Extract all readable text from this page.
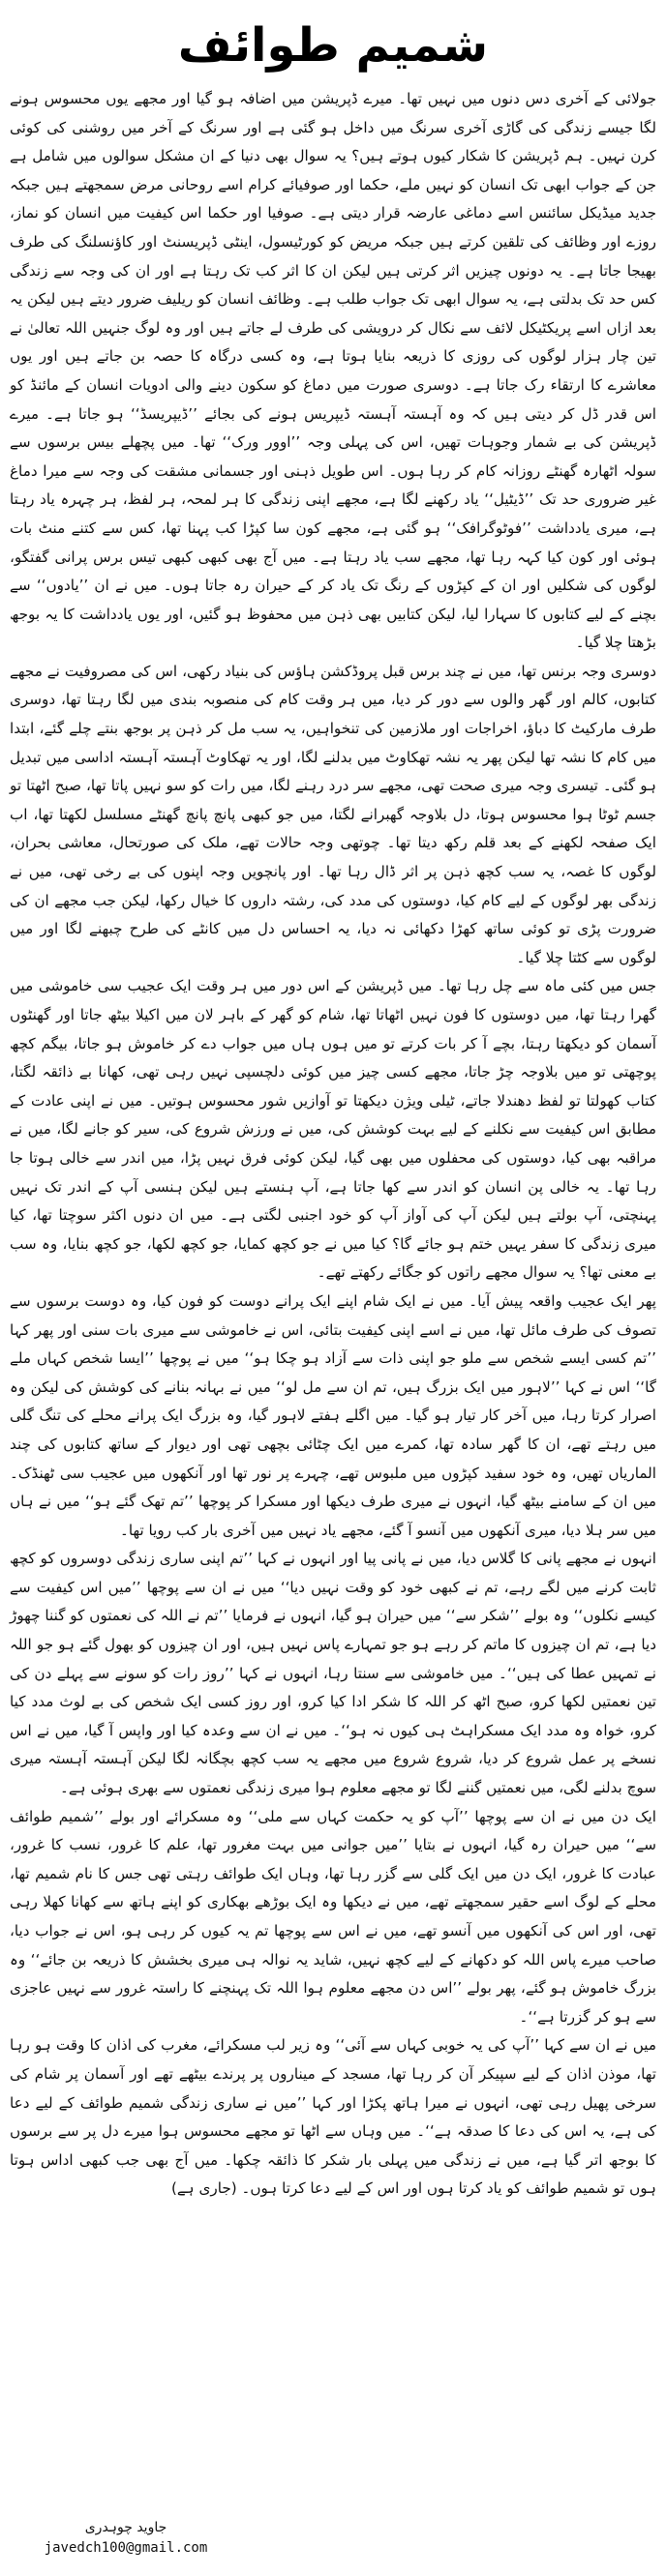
شمیم طوائف

جولائی کے آخری دس دنوں میں نہیں تھا۔ میرے ڈپریشن میں اضافہ ہو گیا اور مجھے یوں محسوس ہونے لگا جیسے زندگی کی گاڑی آخری سرنگ میں داخل ہو گئی ہے اور سرنگ کے آخر میں روشنی کی کوئی کرن نہیں۔ ہم ڈپریشن کا شکار کیوں ہوتے ہیں؟ یہ سوال بھی دنیا کے ان مشکل سوالوں میں شامل ہے جن کے جواب ابھی تک انسان کو نہیں ملے، حکما اور صوفیائے کرام اسے روحانی مرض سمجھتے ہیں جبکہ جدید میڈیکل سائنس اسے دماغی عارضہ قرار دیتی ہے۔ صوفیا اور حکما اس کیفیت میں انسان کو نماز، روزے اور وظائف کی تلقین کرتے ہیں جبکہ مریض کو کورٹیسول، اینٹی ڈپریسنٹ اور کاؤنسلنگ کی طرف بھیجا جاتا ہے۔ یہ دونوں چیزیں اثر کرتی ہیں لیکن ان کا اثر کب تک رہتا ہے اور ان کی وجہ سے زندگی کس حد تک بدلتی ہے، یہ سوال ابھی تک جواب طلب ہے۔ وظائف انسان کو ریلیف ضرور دیتے ہیں لیکن یہ بعد ازاں اسے پریکٹیکل لائف سے نکال کر درویشی کی طرف لے جاتے ہیں اور وہ لوگ جنہیں اللہ تعالیٰ نے تین چار ہزار لوگوں کی روزی کا ذریعہ بنایا ہوتا ہے، وہ کسی درگاہ کا حصہ بن جاتے ہیں اور یوں معاشرے کا ارتقاء رک جاتا ہے۔ دوسری صورت میں دماغ کو سکون دینے والی ادویات انسان کے مائنڈ کو اس قدر ڈل کر دیتی ہیں کہ وہ آہستہ آہستہ ڈیپریس ہونے کی بجائے ’’ڈیپریسڈ‘‘ ہو جاتا ہے۔ میرے ڈپریشن کی بے شمار وجوہات تھیں، اس کی پہلی وجہ ’’اوور ورک‘‘ تھا۔ میں پچھلے بیس برسوں سے سولہ اٹھارہ گھنٹے روزانہ کام کر رہا ہوں۔ اس طویل ذہنی اور جسمانی مشقت کی وجہ سے میرا دماغ غیر ضروری حد تک ’’ڈیٹیل‘‘ یاد رکھنے لگا ہے، مجھے اپنی زندگی کا ہر لمحہ، ہر لفظ، ہر چہرہ یاد رہتا ہے، میری یادداشت ’’فوٹوگرافک‘‘ ہو گئی ہے، مجھے کون سا کپڑا کب پہنا تھا، کس سے کتنے منٹ بات ہوئی اور کون کیا کہہ رہا تھا، مجھے سب یاد رہتا ہے۔ میں آج بھی کبھی کبھی تیس برس پرانی گفتگو، لوگوں کی شکلیں اور ان کے کپڑوں کے رنگ تک یاد کر کے حیران رہ جاتا ہوں۔ میں نے ان ’’یادوں‘‘ سے بچنے کے لیے کتابوں کا سہارا لیا، لیکن کتابیں بھی ذہن میں محفوظ ہو گئیں، اور یوں یادداشت کا یہ بوجھ بڑھتا چلا گیا۔

دوسری وجہ برنس تھا، میں نے چند برس قبل پروڈکشن ہاؤس کی بنیاد رکھی، اس کی مصروفیت نے مجھے کتابوں، کالم اور گھر والوں سے دور کر دیا، میں ہر وقت کام کی منصوبہ بندی میں لگا رہتا تھا، دوسری طرف مارکیٹ کا دباؤ، اخراجات اور ملازمین کی تنخواہیں، یہ سب مل کر ذہن پر بوجھ بنتے چلے گئے، ابتدا میں کام کا نشہ تھا لیکن پھر یہ نشہ تھکاوٹ میں بدلنے لگا، اور یہ تھکاوٹ آہستہ آہستہ اداسی میں تبدیل ہو گئی۔ تیسری وجہ میری صحت تھی، مجھے سر درد رہنے لگا، میں رات کو سو نہیں پاتا تھا، صبح اٹھتا تو جسم ٹوٹا ہوا محسوس ہوتا، دل بلاوجہ گھبرانے لگتا، میں جو کبھی پانچ پانچ گھنٹے مسلسل لکھتا تھا، اب ایک صفحہ لکھنے کے بعد قلم رکھ دیتا تھا۔ چوتھی وجہ حالات تھے، ملک کی صورتحال، معاشی بحران، لوگوں کا غصہ، یہ سب کچھ ذہن پر اثر ڈال رہا تھا۔ اور پانچویں وجہ اپنوں کی بے رخی تھی، میں نے زندگی بھر لوگوں کے لیے کام کیا، دوستوں کی مدد کی، رشتہ داروں کا خیال رکھا، لیکن جب مجھے ان کی ضرورت پڑی تو کوئی ساتھ کھڑا دکھائی نہ دیا، یہ احساس دل میں کانٹے کی طرح چبھنے لگا اور میں لوگوں سے کٹتا چلا گیا۔

جس میں کئی ماہ سے چل رہا تھا۔ میں ڈپریشن کے اس دور میں ہر وقت ایک عجیب سی خاموشی میں گھرا رہتا تھا، میں دوستوں کا فون نہیں اٹھاتا تھا، شام کو گھر کے باہر لان میں اکیلا بیٹھ جاتا اور گھنٹوں آسمان کو دیکھتا رہتا، بچے آ کر بات کرتے تو میں ہوں ہاں میں جواب دے کر خاموش ہو جاتا، بیگم کچھ پوچھتی تو میں بلاوجہ چڑ جاتا، مجھے کسی چیز میں کوئی دلچسپی نہیں رہی تھی، کھانا بے ذائقہ لگتا، کتاب کھولتا تو لفظ دھندلا جاتے، ٹیلی ویژن دیکھتا تو آوازیں شور محسوس ہوتیں۔ میں نے اپنی عادت کے مطابق اس کیفیت سے نکلنے کے لیے بہت کوشش کی، میں نے ورزش شروع کی، سیر کو جانے لگا، میں نے مراقبہ بھی کیا، دوستوں کی محفلوں میں بھی گیا، لیکن کوئی فرق نہیں پڑا، میں اندر سے خالی ہوتا جا رہا تھا۔ یہ خالی پن انسان کو اندر سے کھا جاتا ہے، آپ ہنستے ہیں لیکن ہنسی آپ کے اندر تک نہیں پہنچتی، آپ بولتے ہیں لیکن آپ کی آواز آپ کو خود اجنبی لگتی ہے۔ میں ان دنوں اکثر سوچتا تھا، کیا میری زندگی کا سفر یہیں ختم ہو جائے گا؟ کیا میں نے جو کچھ کمایا، جو کچھ لکھا، جو کچھ بنایا، وہ سب بے معنی تھا؟ یہ سوال مجھے راتوں کو جگائے رکھتے تھے۔

پھر ایک عجیب واقعہ پیش آیا۔ میں نے ایک شام اپنے ایک پرانے دوست کو فون کیا، وہ دوست برسوں سے تصوف کی طرف مائل تھا، میں نے اسے اپنی کیفیت بتائی، اس نے خاموشی سے میری بات سنی اور پھر کہا ’’تم کسی ایسے شخص سے ملو جو اپنی ذات سے آزاد ہو چکا ہو‘‘ میں نے پوچھا ’’ایسا شخص کہاں ملے گا‘‘ اس نے کہا ’’لاہور میں ایک بزرگ ہیں، تم ان سے مل لو‘‘ میں نے بہانہ بنانے کی کوشش کی لیکن وہ اصرار کرتا رہا، میں آخر کار تیار ہو گیا۔ میں اگلے ہفتے لاہور گیا، وہ بزرگ ایک پرانے محلے کی تنگ گلی میں رہتے تھے، ان کا گھر سادہ تھا، کمرے میں ایک چٹائی بچھی تھی اور دیوار کے ساتھ کتابوں کی چند الماریاں تھیں، وہ خود سفید کپڑوں میں ملبوس تھے، چہرے پر نور تھا اور آنکھوں میں عجیب سی ٹھنڈک۔ میں ان کے سامنے بیٹھ گیا، انہوں نے میری طرف دیکھا اور مسکرا کر پوچھا ’’تم تھک گئے ہو‘‘ میں نے ہاں میں سر ہلا دیا، میری آنکھوں میں آنسو آ گئے، مجھے یاد نہیں میں آخری بار کب رویا تھا۔

انہوں نے مجھے پانی کا گلاس دیا، میں نے پانی پیا اور انہوں نے کہا ’’تم اپنی ساری زندگی دوسروں کو کچھ ثابت کرنے میں لگے رہے، تم نے کبھی خود کو وقت نہیں دیا‘‘ میں نے ان سے پوچھا ’’میں اس کیفیت سے کیسے نکلوں‘‘ وہ بولے ’’شکر سے‘‘ میں حیران ہو گیا، انہوں نے فرمایا ’’تم نے اللہ کی نعمتوں کو گننا چھوڑ دیا ہے، تم ان چیزوں کا ماتم کر رہے ہو جو تمہارے پاس نہیں ہیں، اور ان چیزوں کو بھول گئے ہو جو اللہ نے تمہیں عطا کی ہیں‘‘۔ میں خاموشی سے سنتا رہا، انہوں نے کہا ’’روز رات کو سونے سے پہلے دن کی تین نعمتیں لکھا کرو، صبح اٹھ کر اللہ کا شکر ادا کیا کرو، اور روز کسی ایک شخص کی بے لوث مدد کیا کرو، خواہ وہ مدد ایک مسکراہٹ ہی کیوں نہ ہو‘‘۔ میں نے ان سے وعدہ کیا اور واپس آ گیا، میں نے اس نسخے پر عمل شروع کر دیا، شروع شروع میں مجھے یہ سب کچھ بچگانہ لگا لیکن آہستہ آہستہ میری سوچ بدلنے لگی، میں نعمتیں گننے لگا تو مجھے معلوم ہوا میری زندگی نعمتوں سے بھری ہوئی ہے۔

ایک دن میں نے ان سے پوچھا ’’آپ کو یہ حکمت کہاں سے ملی‘‘ وہ مسکرائے اور بولے ’’شمیم طوائف سے‘‘ میں حیران رہ گیا، انہوں نے بتایا ’’میں جوانی میں بہت مغرور تھا، علم کا غرور، نسب کا غرور، عبادت کا غرور، ایک دن میں ایک گلی سے گزر رہا تھا، وہاں ایک طوائف رہتی تھی جس کا نام شمیم تھا، محلے کے لوگ اسے حقیر سمجھتے تھے، میں نے دیکھا وہ ایک بوڑھے بھکاری کو اپنے ہاتھ سے کھانا کھلا رہی تھی، اور اس کی آنکھوں میں آنسو تھے، میں نے اس سے پوچھا تم یہ کیوں کر رہی ہو، اس نے جواب دیا، صاحب میرے پاس اللہ کو دکھانے کے لیے کچھ نہیں، شاید یہ نوالہ ہی میری بخشش کا ذریعہ بن جائے‘‘ وہ بزرگ خاموش ہو گئے، پھر بولے ’’اس دن مجھے معلوم ہوا اللہ تک پہنچنے کا راستہ غرور سے نہیں عاجزی سے ہو کر گزرتا ہے‘‘۔

میں نے ان سے کہا ’’آپ کی یہ خوبی کہاں سے آئی‘‘ وہ زیر لب مسکرائے، مغرب کی اذان کا وقت ہو رہا تھا، موذن اذان کے لیے سپیکر آن کر رہا تھا، مسجد کے میناروں پر پرندے بیٹھے تھے اور آسمان پر شام کی سرخی پھیل رہی تھی، انہوں نے میرا ہاتھ پکڑا اور کہا ’’میں نے ساری زندگی شمیم طوائف کے لیے دعا کی ہے، یہ اس کی دعا کا صدقہ ہے‘‘۔ میں وہاں سے اٹھا تو مجھے محسوس ہوا میرے دل پر سے برسوں کا بوجھ اتر گیا ہے، میں نے زندگی میں پہلی بار شکر کا ذائقہ چکھا۔ میں آج بھی جب کبھی اداس ہوتا ہوں تو شمیم طوائف کو یاد کرتا ہوں اور اس کے لیے دعا کرتا ہوں۔ (جاری ہے)

جاوید چوہدری
javedch100@gmail.com
